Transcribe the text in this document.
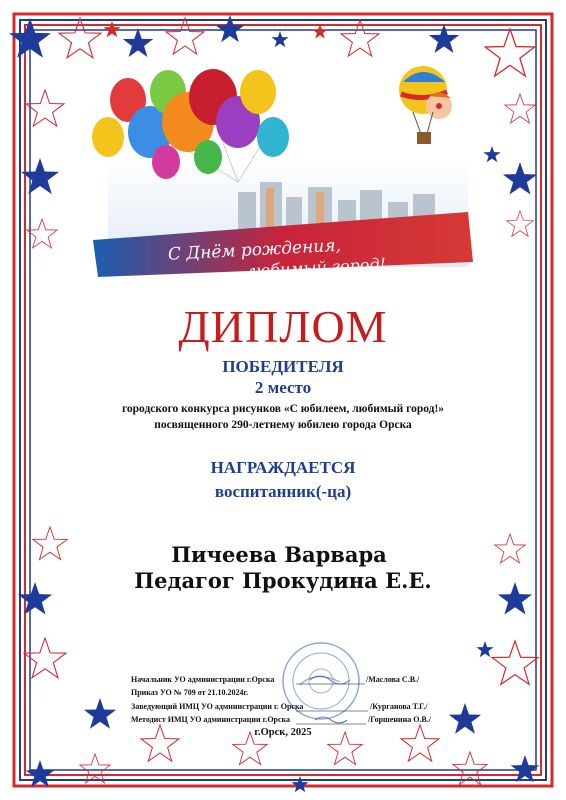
С Днём рождения,
любимый город!
ДИПЛОМ
ПОБЕДИТЕЛЯ
2 место
городского конкурса рисунков «С юбилеем, любимый город!»
посвященного 290-летнему юбилею города Орска
НАГРАЖДАЕТСЯ
воспитанник(-ца)
Пичеева Варвара
Педагог Прокудина Е.Е.
Начальник УО администрации г.Орска	/Маслова С.В./
Приказ УО № 709 от 21.10.2024г.
Заведующий ИМЦ УО администрации г. Орска	/Курганова Т.Г./
Методист ИМЦ УО администрации г.Орска	/Горшенина О.В./
г.Орск, 2025
